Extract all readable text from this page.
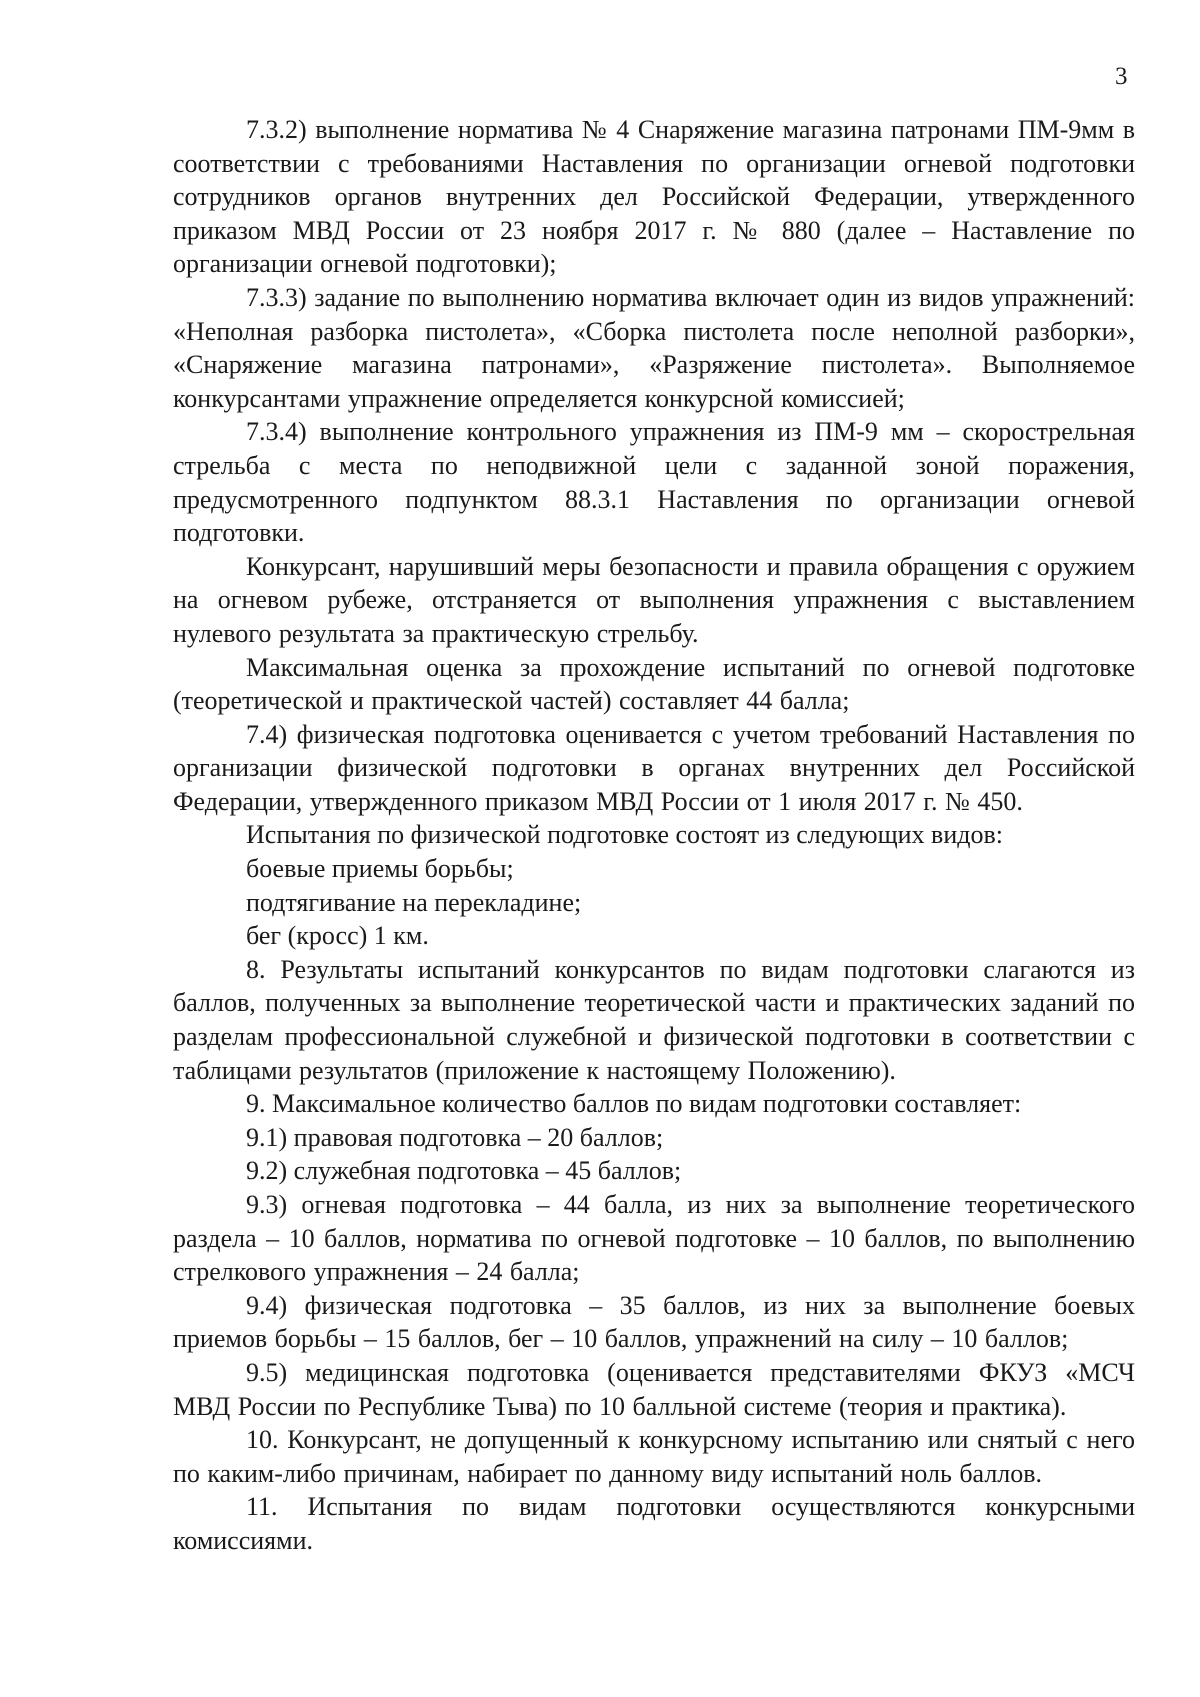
3

7.3.2) выполнение норматива № 4 Снаряжение магазина патронами ПМ-9мм в соответствии с требованиями Наставления по организации огневой подготовки сотрудников органов внутренних дел Российской Федерации, утвержденного приказом МВД России от 23 ноября 2017 г. № 880 (далее – Наставление по организации огневой подготовки);

7.3.3) задание по выполнению норматива включает один из видов упражнений: «Неполная разборка пистолета», «Сборка пистолета после неполной разборки», «Снаряжение магазина патронами», «Разряжение пистолета». Выполняемое конкурсантами упражнение определяется конкурсной комиссией;

7.3.4) выполнение контрольного упражнения из ПМ-9 мм – скорострельная стрельба с места по неподвижной цели с заданной зоной поражения, предусмотренного подпунктом 88.3.1 Наставления по организации огневой подготовки.

Конкурсант, нарушивший меры безопасности и правила обращения с оружием на огневом рубеже, отстраняется от выполнения упражнения с выставлением нулевого результата за практическую стрельбу.

Максимальная оценка за прохождение испытаний по огневой подготовке (теоретической и практической частей) составляет 44 балла;

7.4) физическая подготовка оценивается с учетом требований Наставления по организации физической подготовки в органах внутренних дел Российской Федерации, утвержденного приказом МВД России от 1 июля 2017 г. № 450.

Испытания по физической подготовке состоят из следующих видов:

боевые приемы борьбы;

подтягивание на перекладине;

бег (кросс) 1 км.

8. Результаты испытаний конкурсантов по видам подготовки слагаются из баллов, полученных за выполнение теоретической части и практических заданий по разделам профессиональной служебной и физической подготовки в соответствии с таблицами результатов (приложение к настоящему Положению).

9. Максимальное количество баллов по видам подготовки составляет:

9.1) правовая подготовка – 20 баллов;

9.2) служебная подготовка – 45 баллов;

9.3) огневая подготовка – 44 балла, из них за выполнение теоретического раздела – 10 баллов, норматива по огневой подготовке – 10 баллов, по выполнению стрелкового упражнения – 24 балла;

9.4) физическая подготовка – 35 баллов, из них за выполнение боевых приемов борьбы – 15 баллов, бег – 10 баллов, упражнений на силу – 10 баллов;

9.5) медицинская подготовка (оценивается представителями ФКУЗ «МСЧ МВД России по Республике Тыва) по 10 балльной системе (теория и практика).

10. Конкурсант, не допущенный к конкурсному испытанию или снятый с него по каким-либо причинам, набирает по данному виду испытаний ноль баллов.

11. Испытания по видам подготовки осуществляются конкурсными комиссиями.
